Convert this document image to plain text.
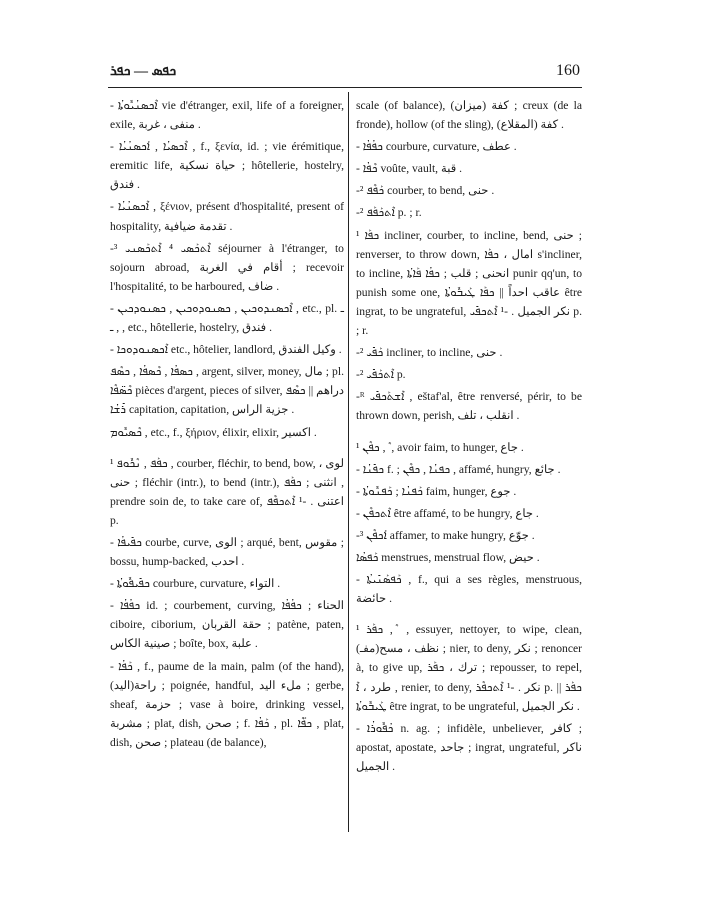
ܟܦܣ — ܟܦܪ	160

- ܐܶܟܣܢܳܝܽܘܬܳܐ vie d'étranger, exil, life of a foreigner, exile, منفى ، غربة .

- ܐܶܟܣܝܳܐ , ܐܰܟܣܢܳܝܳܐ , f., ξενία, id. ; vie érémitique, eremitic life, حياة نسكية ; hôtellerie, hostelry, فندق .

- ܐܶܟܣܢܳܝܳܐ , ξένιον, présent d'hospitalité, present of hospitality, تقدمة ضيافية .

-³ ܐܶܬܟܰܣܝ ⁴ ܐܶܬܟܰܣܢܝ séjourner à l'étranger, to sojourn abroad, أقام في الغربة ; recevoir l'hospitalité, to be harboured, ضاف .

- ܐܶܟܣܢܕܘܟܝܢ , ܟܣܢܘܕܘܟܝܢ , ܟܣܢܘܕܟܝܢ , etc., pl. ـ , ـ , etc., hôtellerie, hostelry, فندق .

- ܐܶܟܣܢܘܕܘܟܐ etc., hôtelier, landlord, وكيل الفندق .

ܟܣܦܳܐ , ܟܶܣܦܳܐ , ܟܣܶܦ , argent, silver, money, مال ; pl. ܟܶܣ̈ܦܶܐ pièces d'argent, pieces of silver, دراهم || ܟܣܶܦ ܪܺܫܳܐ capitation, capitation, جزية الراس .

ܟܶܣܝܽܘܡ , etc., f., ξήριον, élixir, elixir, اكسير .

¹ ܟܦܰܦ , ܢܶܟܽܘܦ , courber, fléchir, to bend, bow, لوى ، حنى ; fléchir (intr.), to bend (intr.), انثنى ; ܟܦܰܦ , prendre soin de, to take care of, اعتنى . -¹ ܐܶܬܟܦܶܦ p.

- ܟܦܺܝܦܳܐ courbe, curve, الوى ; arqué, bent, مقوس ; bossu, hump-backed, احدب .

- ܟܦܺܝܦܽܘܬܳܐ courbure, curvature, التواء .

- ܟܦܳܦܳܐ id. ; courbement, curving, الحناء ; ܟܦܳܦܳܐ ciboire, ciborium, حقة القربان ; patène, paten, صينية الكاس ; boîte, box, علبة .

- ܟܰܦܳܐ , f., paume de la main, palm (of the hand), راحة(اليد) ; poignée, handful, ملء اليد ; gerbe, sheaf, حزمة ; vase à boire, drinking vessel, مشربة ; plat, dish, صحن ; f. ܟܰܦܳܐ , pl. ܟܦ̈ܶܐ , plat, dish, صحن ; plateau (de balance),

scale (of balance), (ميزان) كفة ; creux (de la fronde), hollow (of the sling), (المقلاع) كفة .

- ܟܦܳܦܳܐ courbure, curvature, عطف .

- ܟܶܦܳܐ voûte, vault, قبة .

-² ܟܰܦܶܦ courber, to bend, حنى .

-² ܐܶܬܟܰܦܰܦ p. ; r.

¹ ܟܦܰܐ incliner, courber, to incline, bend, حنى ; renverser, to throw down, امال ، ܟܦܰܐ s'incliner, to incline, انحنى ; قلب ; ܟܦܳܐ ܦܰܐܬܳܐ punir qq'un, to punish some one, عاقب احداً || ܟܦܰܐ ܛܰܝܒܽܘܬܳܐ être ingrat, to be ungrateful, نكر الجميل . -¹ ܐܶܬܟܦܺܝ p. ; r.

-² ܟܰܦܺܝ incliner, to incline, حنى .

-² ܐܶܬܟܰܦܺܝ p.

-ᴿ ܐܶܫܬܰܟܦܺܝ , eštaf'al, être renversé, périr, to be thrown down, perish, انقلب ، تلف .

¹ ܟܦܶܢ , ܶ , avoir faim, to hunger, جاع .

- ܟܦܺܢܳܐ f. ; ܟܦܢܳܐ , ܟܦܶܢ , affamé, hungry, جائع .

- ܟܰܦܢܳܐ ; ܟܰܦܢܽܘܬܳܐ faim, hunger, جوع .

- ܐܶܬܟܦܶܢ être affamé, to be hungry, جاع .

-³ ܐܰܟܦܶܢ affamer, to make hungry, جوّع .

ܟܰܦܣܳܐ menstrues, menstrual flow, حيض .

- ܟܰܦܣܰܢܺܝܬܳܐ , f., qui a ses règles, menstruous, حائضة .

¹ ܟܦܰܪ , ܶ , essuyer, nettoyer, to wipe, clean, (مفـ)نظف ، مسح ; nier, to deny, نكر ; renoncer à, to give up, ترك ، ܟܦܰܪ ; repousser, to repel, طرد ، ܐܶ , renier, to deny, نكر . -¹ ܐܶܬܟܦܶܪ p. || ܟܦܰܪ ܛܰܝܒܽܘܬܳܐ être ingrat, to be ungrateful, نكر الجميل .

- ܟܳܦܽܘܪܳܐ n. ag. ; infidèle, unbeliever, كافر ; apostat, apostate, جاحد ; ingrat, ungrateful, ناكر الجميل .
